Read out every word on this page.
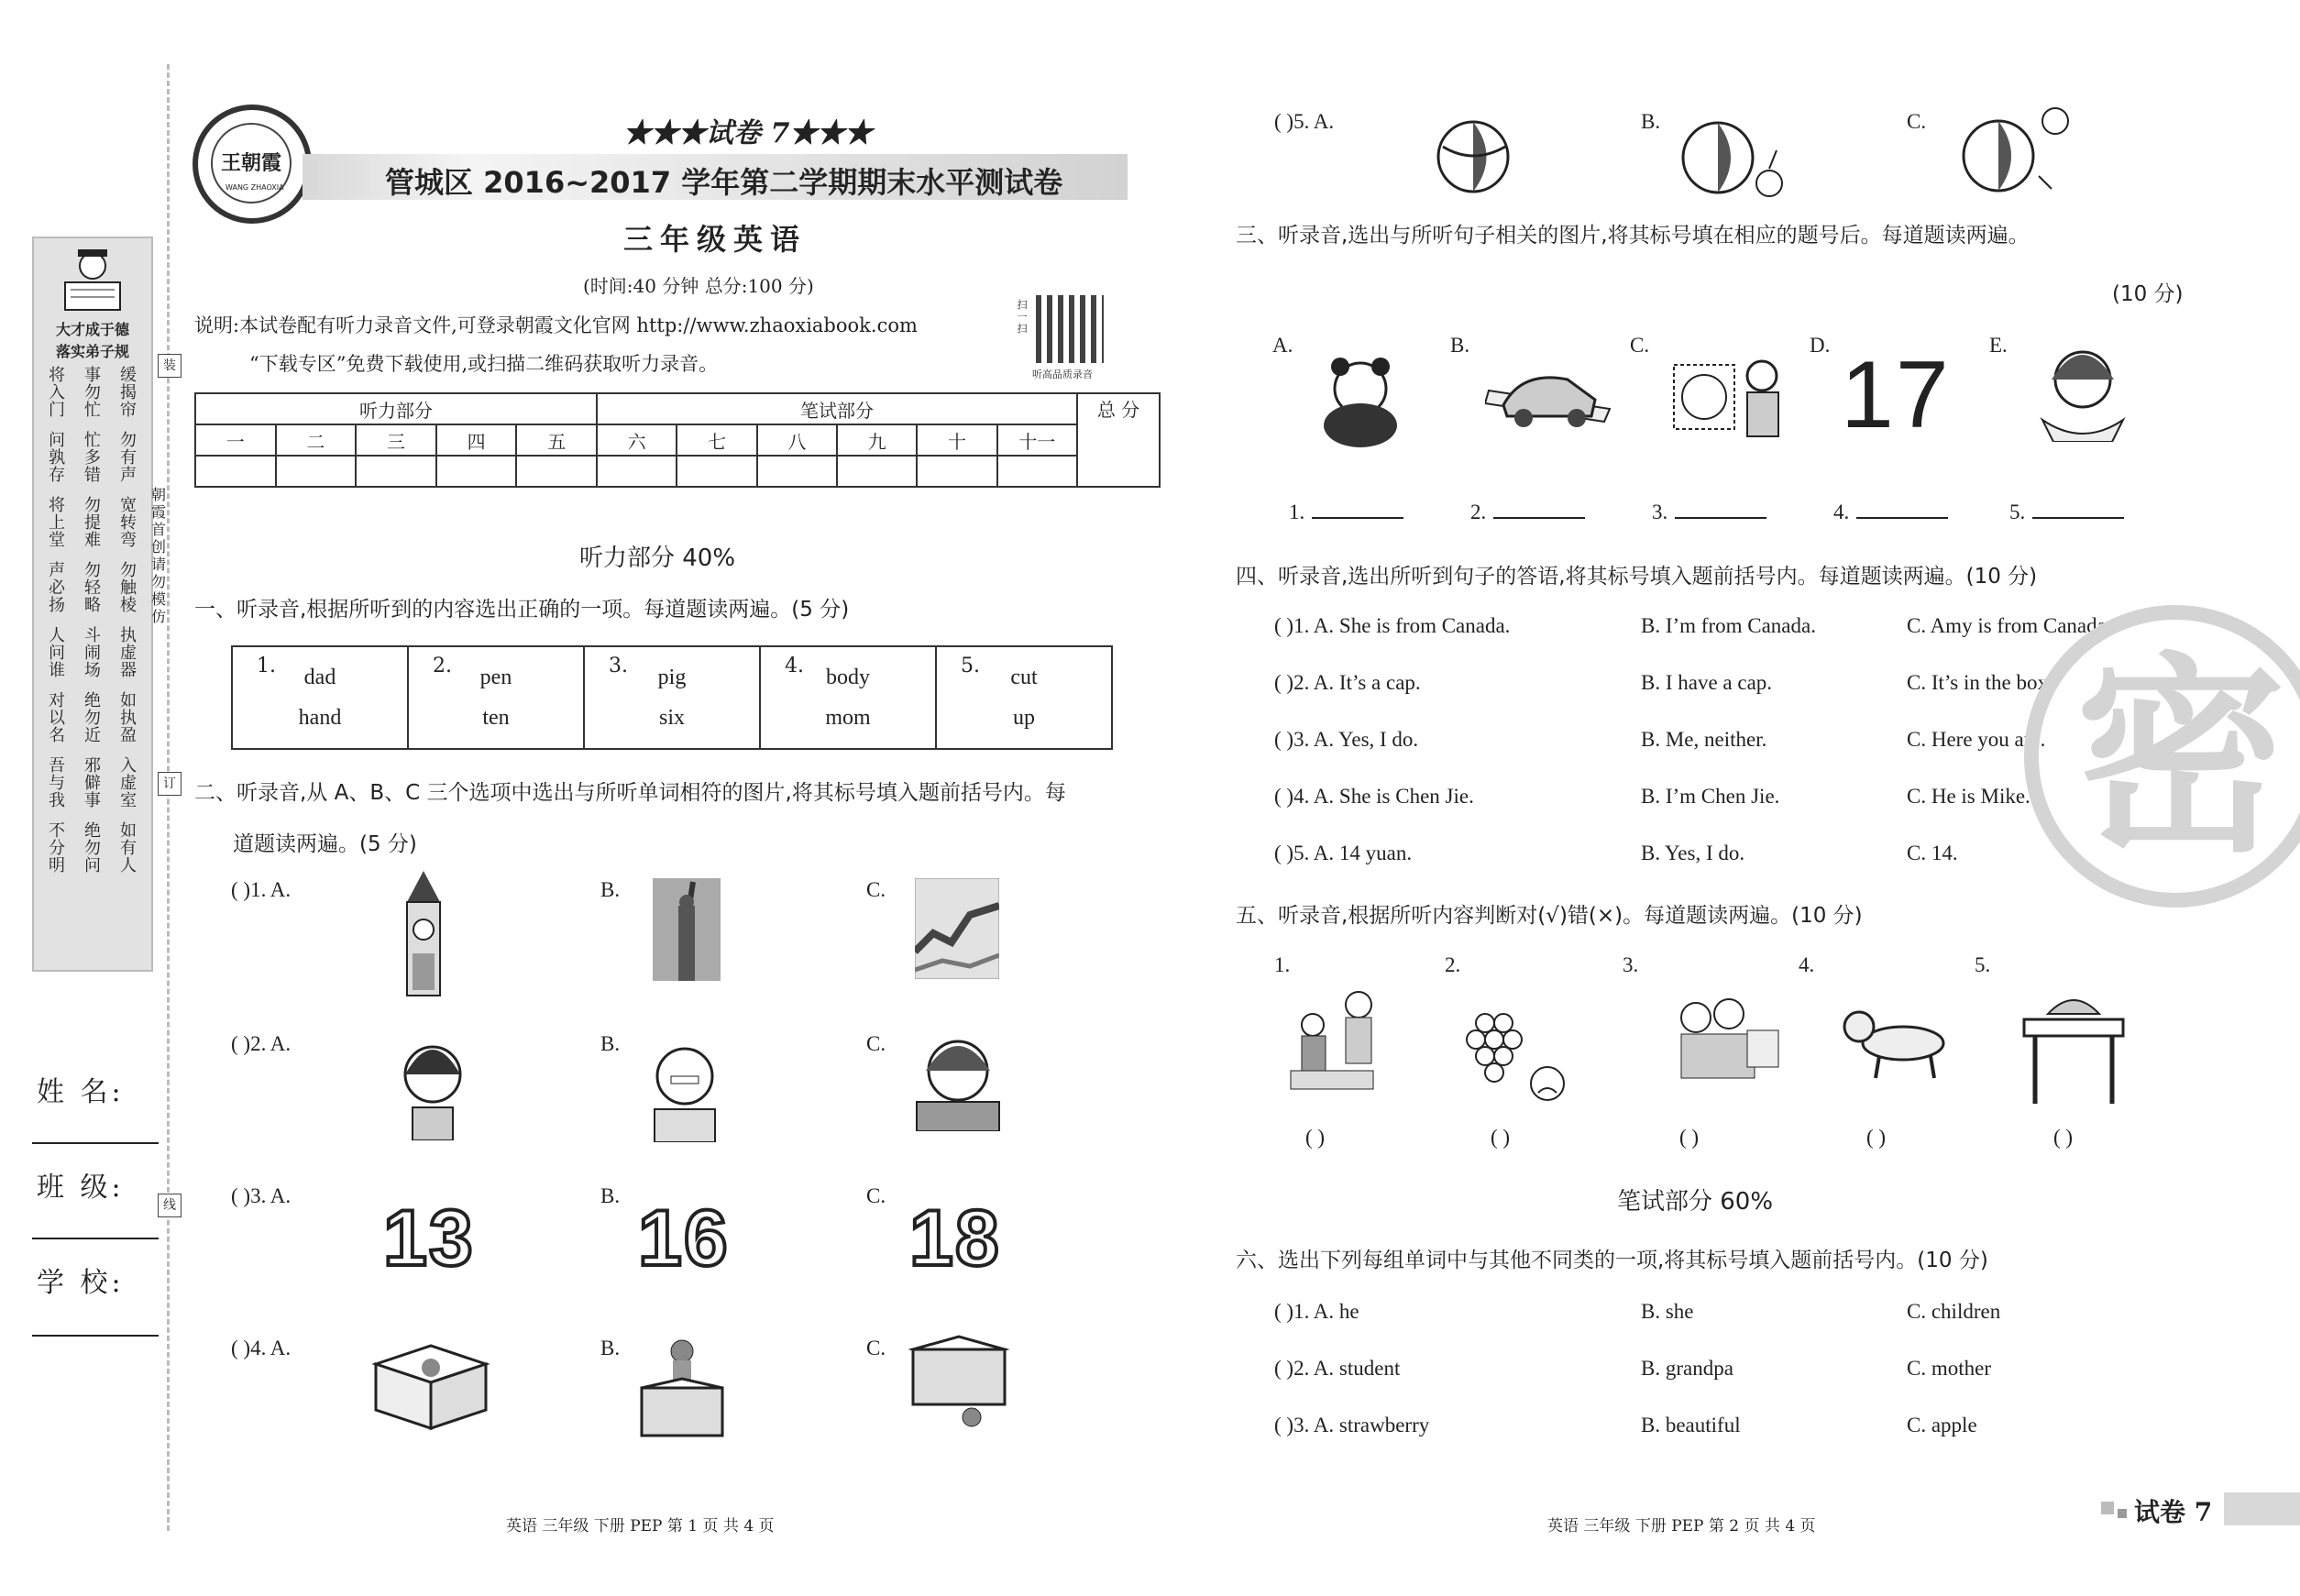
大才成于德
落实弟子规
将入门
事勿忙
缓揭帘
问孰存
忙多错
勿有声
将上堂
勿提难
宽转弯
声必扬
勿轻略
勿触棱
人问谁
斗闹场
执虚器
对以名
绝勿近
如执盈
吾与我
邪僻事
入虚室
不分明
绝勿问
如有人
朝霞首创 请勿模仿
装
订
线
姓 名:
班 级:
学 校:
王朝霞
WANG ZHAOXIA
★★★试卷 7★★★
管城区 2016~2017 学年第二学期期末水平测试卷
三年级英语
(时间:40 分钟 总分:100 分)
说明:本试卷配有听力录音文件,可登录朝霞文化官网 http://www.zhaoxiabook.com
“下载专区”免费下载使用,或扫描二维码获取听力录音。
扫一扫
听高品质录音
听力部分					笔试部分						总 分
一	二	三	四	五	六	七	八	九	十	十一	

听力部分 40%
一、听录音,根据所听到的内容选出正确的一项。每道题读两遍。(5 分)
1.	dad
hand

2.	pen
ten

3.	pig
six

4.	body
mom

5.	cut
up
二、听录音,从 A、B、C 三个选项中选出与所听单词相符的图片,将其标号填入题前括号内。每
道题读两遍。(5 分)
( )1. A.	B.	C.
( )2. A.	B.	C.
( )3. A.	B.	C.
13 16 18
( )4. A.	B.	C.
( )5. A.	B.	C.
三、听录音,选出与所听句子相关的图片,将其标号填在相应的题号后。每道题读两遍。
(10 分)
A.	B.	C.	D.	E.
17
1.	2.	3.	4.	5.
四、听录音,选出所听到句子的答语,将其标号填入题前括号内。每道题读两遍。(10 分)
( )1. A. She is from Canada.	B. I’m from Canada.	C. Amy is from Canada.
( )2. A. It’s a cap.	B. I have a cap.	C. It’s in the box.
( )3. A. Yes, I do.	B. Me, neither.	C. Here you are.
( )4. A. She is Chen Jie.	B. I’m Chen Jie.	C. He is Mike.
( )5. A. 14 yuan.	B. Yes, I do.	C. 14.
五、听录音,根据所听内容判断对(√)错(×)。每道题读两遍。(10 分)
1.	2.	3.	4.	5.
( )	( )	( )	( )	( )
笔试部分 60%
六、选出下列每组单词中与其他不同类的一项,将其标号填入题前括号内。(10 分)
( )1. A. he	B. she	C. children
( )2. A. student	B. grandpa	C. mother
( )3. A. strawberry	B. beautiful	C. apple
密
英语 三年级 下册 PEP 第 1 页 共 4 页	英语 三年级 下册 PEP 第 2 页 共 4 页	试卷 7
